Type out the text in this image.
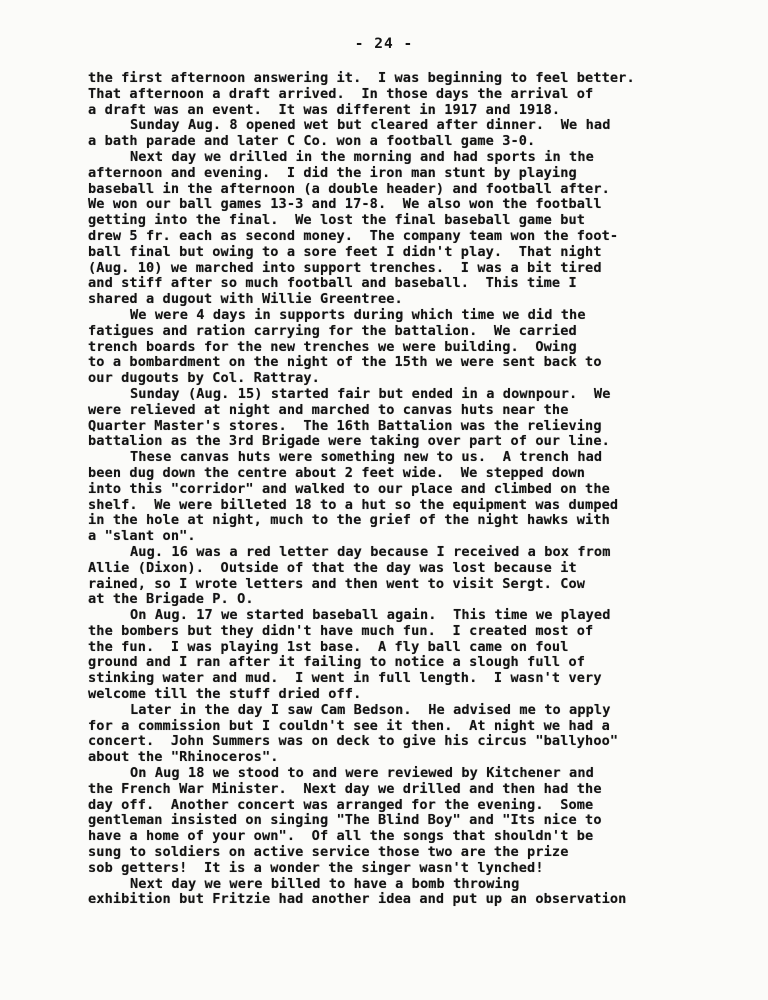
- 24 -
the first afternoon answering it.  I was beginning to feel better.
That afternoon a draft arrived.  In those days the arrival of
a draft was an event.  It was different in 1917 and 1918.
Sunday Aug. 8 opened wet but cleared after dinner.  We had
a bath parade and later C Co. won a football game 3-0.
Next day we drilled in the morning and had sports in the
afternoon and evening.  I did the iron man stunt by playing
baseball in the afternoon (a double header) and football after.
We won our ball games 13-3 and 17-8.  We also won the football
getting into the final.  We lost the final baseball game but
drew 5 fr. each as second money.  The company team won the foot-
ball final but owing to a sore feet I didn't play.  That night
(Aug. 10) we marched into support trenches.  I was a bit tired
and stiff after so much football and baseball.  This time I
shared a dugout with Willie Greentree.
We were 4 days in supports during which time we did the
fatigues and ration carrying for the battalion.  We carried
trench boards for the new trenches we were building.  Owing
to a bombardment on the night of the 15th we were sent back to
our dugouts by Col. Rattray.
Sunday (Aug. 15) started fair but ended in a downpour.  We
were relieved at night and marched to canvas huts near the
Quarter Master's stores.  The 16th Battalion was the relieving
battalion as the 3rd Brigade were taking over part of our line.
These canvas huts were something new to us.  A trench had
been dug down the centre about 2 feet wide.  We stepped down
into this "corridor" and walked to our place and climbed on the
shelf.  We were billeted 18 to a hut so the equipment was dumped
in the hole at night, much to the grief of the night hawks with
a "slant on".
Aug. 16 was a red letter day because I received a box from
Allie (Dixon).  Outside of that the day was lost because it
rained, so I wrote letters and then went to visit Sergt. Cow
at the Brigade P. O.
On Aug. 17 we started baseball again.  This time we played
the bombers but they didn't have much fun.  I created most of
the fun.  I was playing 1st base.  A fly ball came on foul
ground and I ran after it failing to notice a slough full of
stinking water and mud.  I went in full length.  I wasn't very
welcome till the stuff dried off.
Later in the day I saw Cam Bedson.  He advised me to apply
for a commission but I couldn't see it then.  At night we had a
concert.  John Summers was on deck to give his circus "ballyhoo"
about the "Rhinoceros".
On Aug 18 we stood to and were reviewed by Kitchener and
the French War Minister.  Next day we drilled and then had the
day off.  Another concert was arranged for the evening.  Some
gentleman insisted on singing "The Blind Boy" and "Its nice to
have a home of your own".  Of all the songs that shouldn't be
sung to soldiers on active service those two are the prize
sob getters!  It is a wonder the singer wasn't lynched!
Next day we were billed to have a bomb throwing
exhibition but Fritzie had another idea and put up an observation
